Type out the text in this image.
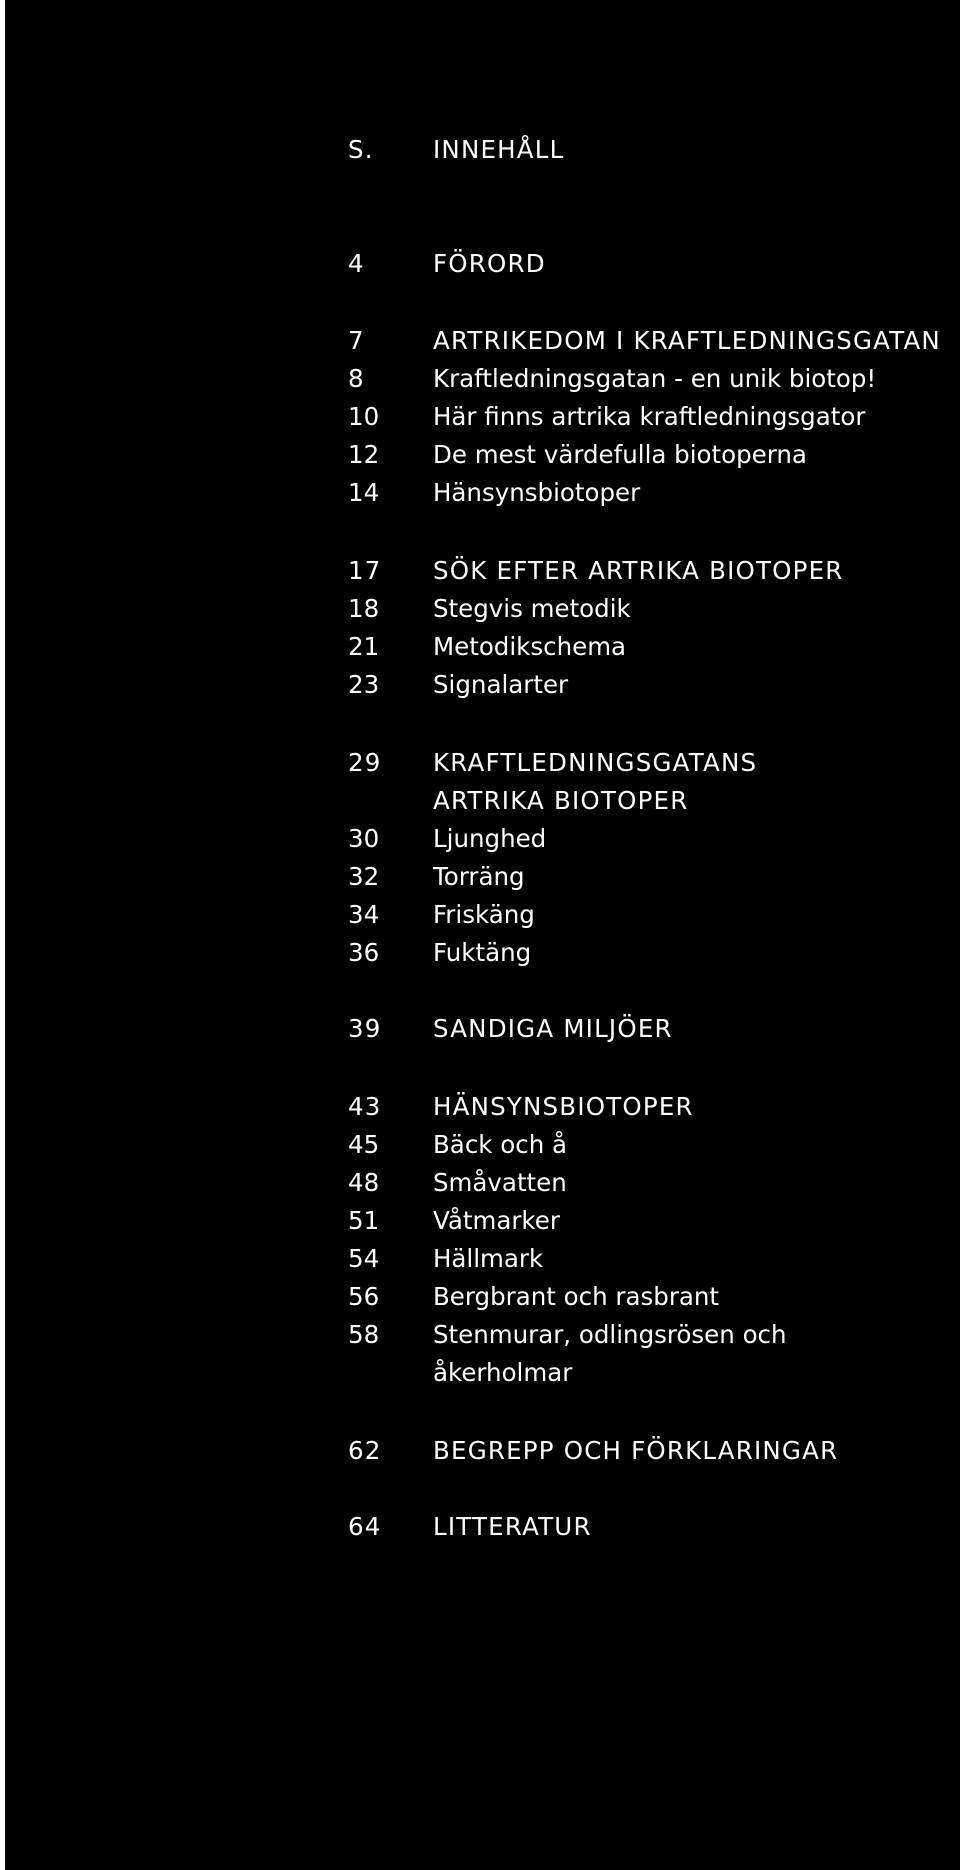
S. INNEHÅLL
4	FÖRORD
7	ARTRIKEDOM I KRAFTLEDNINGSGATAN
8	Kraftledningsgatan - en unik biotop!
10 Här finns artrika kraftledningsgator
12 De mest värdefulla biotoperna
14 Hänsynsbiotoper
17 SÖK EFTER ARTRIKA BIOTOPER
18 Stegvis metodik
21 Metodikschema
23 Signalarter
29 KRAFTLEDNINGSGATANS
ARTRIKA BIOTOPER
30 Ljunghed
32 Torräng
34 Friskäng
36 Fuktäng
39 SANDIGA MILJÖER
43 HÄNSYNSBIOTOPER
45 Bäck och å
48 Småvatten
51 Våtmarker
54 Hällmark
56 Bergbrant och rasbrant
58 Stenmurar, odlingsrösen och
åkerholmar
62 BEGREPP OCH FÖRKLARINGAR
64 LITTERATUR
